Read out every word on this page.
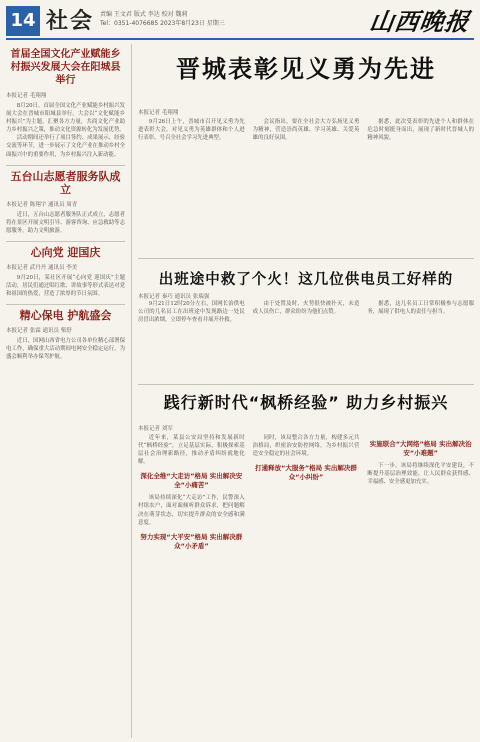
14 社会 责编 王文君 版式 李达 校对 魏莉
Tel：0351-4076685 2023年8月23日 星期三	山西晚报
首届全国文化产业赋能乡村振兴发展大会在阳城县举行
本报记者 毛翔翔

8月20日，首届全国文化产业赋能乡村振兴发展大会在晋城市阳城县举行。大会以“文化赋能乡村振兴”为主题，汇聚各方力量，共商文化产业助力乡村振兴之策，推动文化资源转化为发展优势。

活动期间还举行了项目签约、成果展示、经验交流等环节，进一步展示了文化产业在推动乡村全面振兴中的重要作用，为乡村振兴注入新动能。

五台山志愿者服务队成立
本报记者 陈翔宇 通讯员 周青

近日，五台山志愿者服务队正式成立，志愿者将在景区开展文明引导、游客咨询、应急救助等志愿服务，助力文明旅游。

心向党 迎国庆
本报记者 武丹丹 通讯员 李美

9月20日，某社区开展“心向党 迎国庆”主题活动，居民们通过唱红歌、讲故事等形式表达对党和祖国的热爱，营造了浓厚的节日氛围。

精心保电 护航盛会
本报记者 张霖 通讯员 柴舒

近日，国网山西省电力公司各单位精心部署保电工作，确保重大活动期间电网安全稳定运行，为盛会顺利举办保驾护航。

晋城表彰见义勇为先进
本报记者 毛翔翔

9月26日上午，晋城市召开见义勇为先进表彰大会，对见义勇为英雄群体和个人进行表彰，号召全社会学习先进典型。

会议指出，要在全社会大力弘扬见义勇为精神，营造崇尚英雄、学习英雄、关爱英雄的良好氛围。

据悉，此次受表彰的先进个人和群体在危急时刻挺身而出，展现了新时代晋城人的精神风貌。

出班途中救了个火！这几位供电员工好样的
本报记者 秦巧 通讯员 张瑞强

9月21日12时20分左右，国网长治供电公司的几名员工在出班途中发现路边一处民房冒出浓烟，立即停车查看并展开扑救。

由于处置及时，火势很快被扑灭，未造成人员伤亡，群众纷纷为他们点赞。

据悉，这几名员工日常积极参与志愿服务，展现了供电人的责任与担当。

践行新时代“枫桥经验” 助力乡村振兴
本报记者 刘军

近年来，某县公安局坚持和发展新时代“枫桥经验”，立足基层实际，积极探索基层社会治理新路径，推动矛盾纠纷就地化解。

深化全维“大走访”格局 实出解决安全“小痛苦”

该局持续深化“大走访”工作，民警深入村组农户，面对面倾听群众诉求，把问题解决在萌芽状态，切实提升群众的安全感和满意度。

努力实现“大平安”格局 实出解决群众“小矛盾”

同时，该局整合各方力量，构建多元共治格局，织密治安防控网络，为乡村振兴营造安全稳定的社会环境。

打通释放“大服务”格局 实出解决群众“小纠纷”
实施联合“大网络”格局 实出解决治安“小难题”

下一步，该局将继续深化平安建设，不断提升基层治理效能，让人民群众获得感、幸福感、安全感更加充实。
